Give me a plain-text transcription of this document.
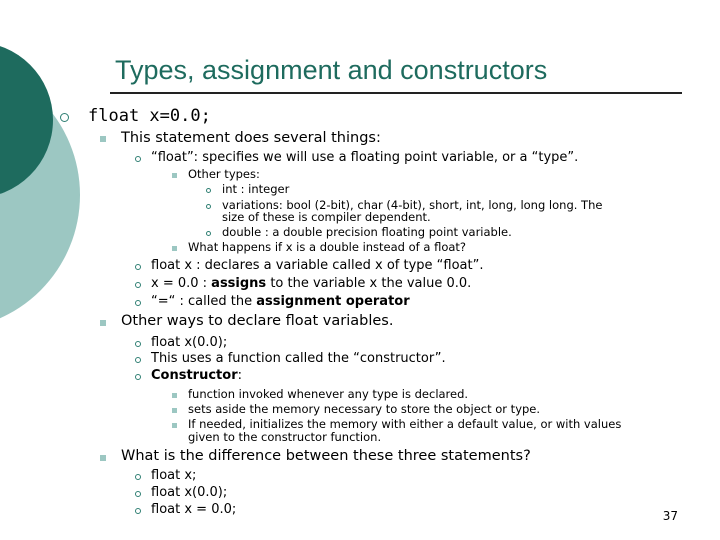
Types, assignment and constructors
float x=0.0;
This statement does several things:
“float”: specifies we will use a floating point variable, or a “type”.
Other types:
int : integer
variations: bool (2-bit), char (4-bit), short, int, long, long long. The
size of these is compiler dependent.
double : a double precision floating point variable.
What happens if x is a double instead of a float?
float x : declares a variable called x of type “float”.
x = 0.0 : assigns to the variable x the value 0.0.
“=“ : called the assignment operator
Other ways to declare float variables.
float x(0.0);
This uses a function called the “constructor”.
Constructor:
function invoked whenever any type is declared.
sets aside the memory necessary to store the object or type.
If needed, initializes the memory with either a default value, or with values
given to the constructor function.
What is the difference between these three statements?
float x;
float x(0.0);
float x = 0.0;	37
